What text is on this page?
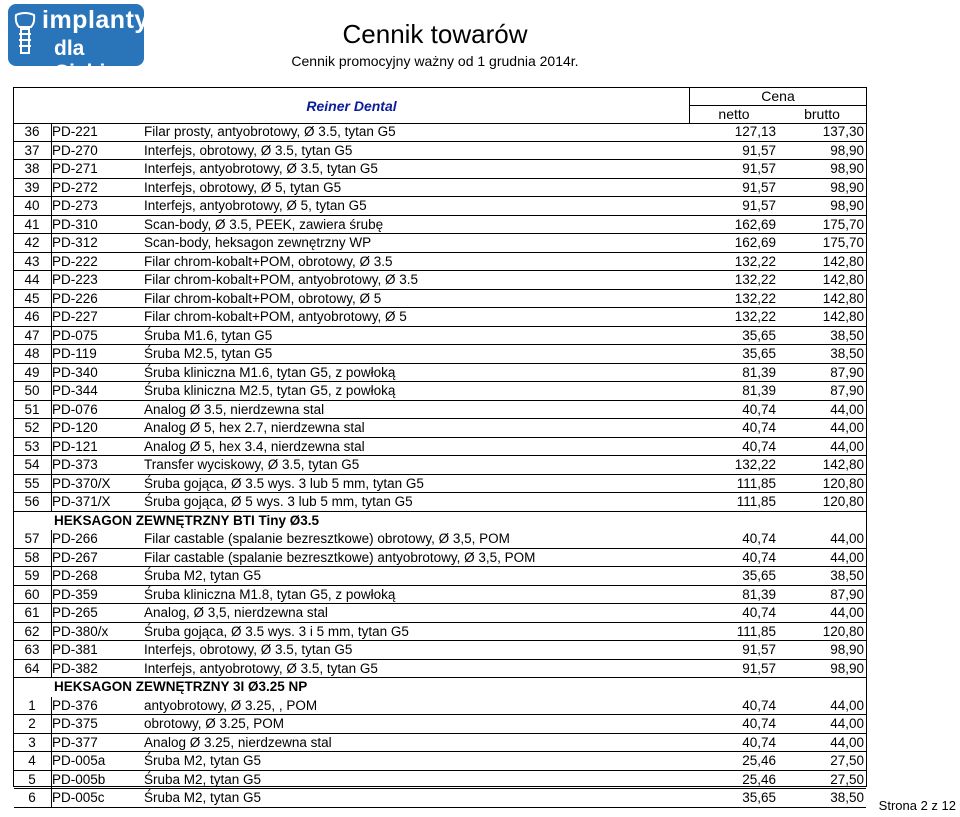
implanty
dla Ciebie
Cennik towarów
Cennik promocyjny ważny od 1 grudnia 2014r.
Reiner Dental
Cena
netto	brutto
36 PD-221	Filar prosty, antyobrotowy, Ø 3.5, tytan G5	127,13	137,30
37 PD-270	Interfejs, obrotowy, Ø 3.5, tytan G5	91,57	98,90
38 PD-271	Interfejs, antyobrotowy, Ø 3.5, tytan G5	91,57	98,90
39 PD-272	Interfejs, obrotowy, Ø 5, tytan G5	91,57	98,90
40 PD-273	Interfejs, antyobrotowy, Ø 5, tytan G5	91,57	98,90
41 PD-310	Scan-body, Ø 3.5, PEEK, zawiera śrubę	162,69	175,70
42 PD-312	Scan-body, heksagon zewnętrzny WP	162,69	175,70
43 PD-222	Filar chrom-kobalt+POM, obrotowy, Ø 3.5	132,22	142,80
44 PD-223	Filar chrom-kobalt+POM, antyobrotowy, Ø 3.5	132,22	142,80
45 PD-226	Filar chrom-kobalt+POM, obrotowy, Ø 5	132,22	142,80
46 PD-227	Filar chrom-kobalt+POM, antyobrotowy, Ø 5	132,22	142,80
47 PD-075	Śruba M1.6, tytan G5	35,65	38,50
48 PD-119	Śruba M2.5, tytan G5	35,65	38,50
49 PD-340	Śruba kliniczna M1.6, tytan G5, z powłoką	81,39	87,90
50 PD-344	Śruba kliniczna M2.5, tytan G5, z powłoką	81,39	87,90
51 PD-076	Analog Ø 3.5, nierdzewna stal	40,74	44,00
52 PD-120	Analog Ø 5, hex 2.7, nierdzewna stal	40,74	44,00
53 PD-121	Analog Ø 5, hex 3.4, nierdzewna stal	40,74	44,00
54 PD-373	Transfer wyciskowy, Ø 3.5, tytan G5	132,22	142,80
55 PD-370/X	Śruba gojąca, Ø 3.5 wys. 3 lub 5 mm, tytan G5	111,85	120,80
56 PD-371/X	Śruba gojąca, Ø 5 wys. 3 lub 5 mm, tytan G5	111,85	120,80
HEKSAGON ZEWNĘTRZNY BTI Tiny Ø3.5
57 PD-266	Filar castable (spalanie bezresztkowe) obrotowy, Ø 3,5, POM	40,74	44,00
58 PD-267	Filar castable (spalanie bezresztkowe) antyobrotowy, Ø 3,5, POM	40,74	44,00
59 PD-268	Śruba M2, tytan G5	35,65	38,50
60 PD-359	Śruba kliniczna M1.8, tytan G5, z powłoką	81,39	87,90
61 PD-265	Analog, Ø 3,5, nierdzewna stal	40,74	44,00
62 PD-380/x	Śruba gojąca, Ø 3.5 wys. 3 i 5 mm, tytan G5	111,85	120,80
63 PD-381	Interfejs, obrotowy, Ø 3.5, tytan G5	91,57	98,90
64 PD-382	Interfejs, antyobrotowy, Ø 3.5, tytan G5	91,57	98,90
HEKSAGON ZEWNĘTRZNY 3I Ø3.25 NP
1	PD-376	antyobrotowy, Ø 3.25, , POM	40,74	44,00
2	PD-375	obrotowy, Ø 3.25, POM	40,74	44,00
3	PD-377	Analog Ø 3.25, nierdzewna stal	40,74	44,00
4	PD-005a	Śruba M2, tytan G5	25,46	27,50
5	PD-005b	Śruba M2, tytan G5	25,46	27,50
6	PD-005c	Śruba M2, tytan G5	35,65	38,50
Strona 2 z 12
